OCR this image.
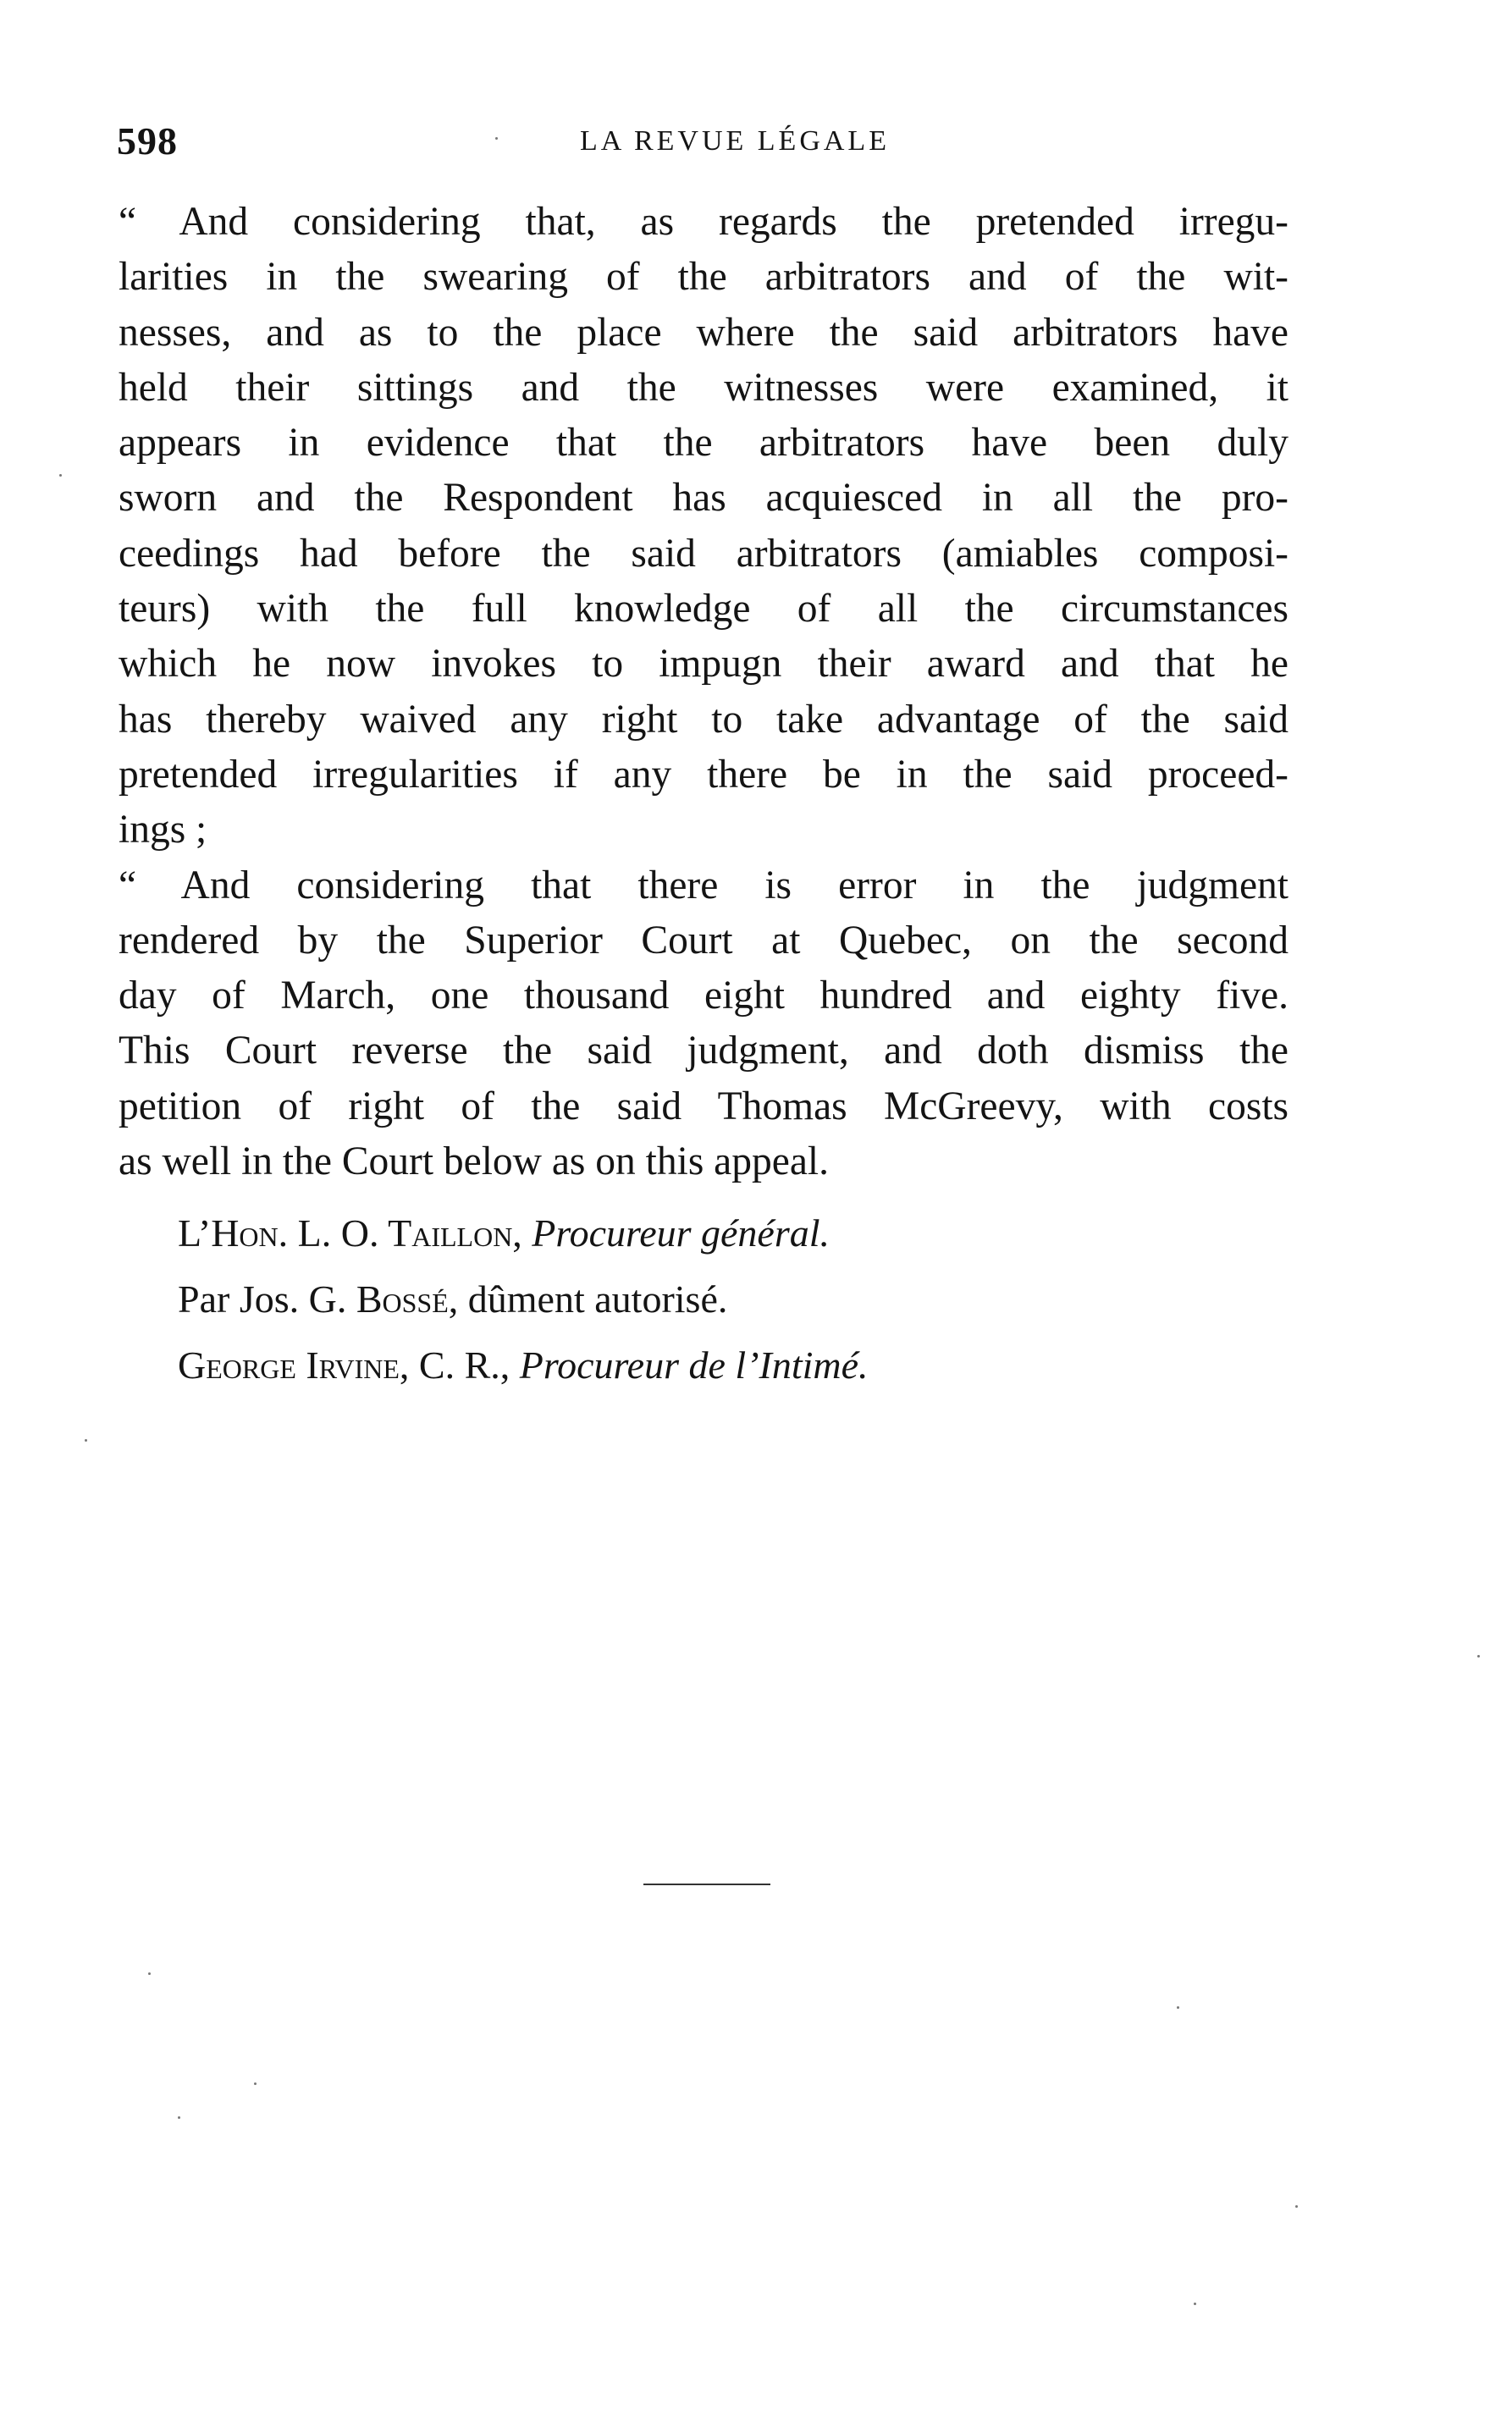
598	LA REVUE LÉGALE

“ And considering that, as regards the pretended irregu-
larities in the swearing of the arbitrators and of the wit-
nesses, and as to the place where the said arbitrators have
held their sittings and the witnesses were examined, it
appears in evidence that the arbitrators have been duly
sworn and the Respondent has acquiesced in all the pro-
ceedings had before the said arbitrators (amiables composi-
teurs) with the full knowledge of all the circumstances
which he now invokes to impugn their award and that he
has thereby waived any right to take advantage of the said
pretended irregularities if any there be in the said proceed-
ings ;

“ And considering that there is error in the judgment
rendered by the Superior Court at Quebec, on the second
day of March, one thousand eight hundred and eighty five.
This Court reverse the said judgment, and doth dismiss the
petition of right of the said Thomas McGreevy, with costs
as well in the Court below as on this appeal.

L’Hon. L. O. Taillon, Procureur général.

Par Jos. G. Bossé, dûment autorisé.

George Irvine, C. R., Procureur de l’Intimé.
